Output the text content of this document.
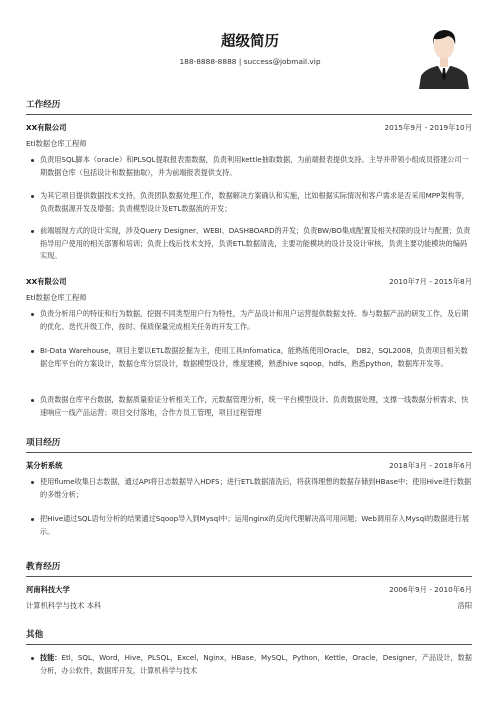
超级简历
188-8888-8888 | success@jobmail.vip
工作经历
XX有限公司	2015年9月 - 2019年10月
Etl数据仓库工程师
负责用SQL脚本（oracle）和PLSQL提取报表需数据，负责利用kettle抽取数据，为前端报表提供支持。主导并带领小组成员搭建公司一期数据仓库（包括设计和数据抽取），并为前端报表提供支持。
为其它项目提供数据技术支持，负责团队数据处理工作，数据解决方案确认和实施，比如根据实际情况和客户需求是否采用MPP架构等，负责数据源开发及增强；负责模型设计及ETL数据流的开发；
前端展现方式的设计实现，涉及Query Designer、WEBI、DASHBOARD的开发；负责BW/BO集成配置及相关权限的设计与配置；负责指导用户使用的相关部署和培训；负责上线后技术支持，负责ETL数据清洗，主要功能模块的设计及设计审核，负责主要功能模块的编码实现。
XX有限公司	2010年7月 - 2015年8月
Etl数据仓库工程师
负责分析用户的特征和行为数据，挖掘不同类型用户行为特性，为产品设计和用户运营提供数据支持。参与数据产品的研发工作，及后期的优化、迭代升级工作，按时、保质保量完成相关任务的开发工作。
BI-Data Warehouse，项目主要以ETL数据挖掘为主，使用工具Infomatica，能熟练使用Oracle， DB2，SQL2008，负责项目相关数据仓库平台的方案设计，数据仓库分层设计，数据模型设计，维度建模，熟悉hive sqoop，hdfs，熟悉python，数据库开发等。
负责数据仓库平台数据，数据质量验证分析相关工作，元数据管理分析，统一平台模型设计。负责数据处理，支撑一线数据分析需求，快速响应一线产品运营；项目交付落地，合作方员工管理，项目过程管理
项目经历
某分析系统	2018年3月 - 2018年6月
使用flume收集日志数据，通过API将日志数据导入HDFS；进行ETL数据清洗后，将获得理想的数据存储到HBase中；使用Hive进行数据的多维分析；
把Hive通过SQL语句分析的结果通过Sqoop导入到Mysql中；运用nginx的反向代理解决高可用问题；Web调用存入Mysql的数据进行展示。
教育经历
河南科技大学	2006年9月 - 2010年6月
计算机科学与技术 本科	洛阳
其他
技能：Etl，SQL，Word，Hive，PLSQL，Excel，Nginx，HBase，MySQL，Python，Kettle，Oracle，Designer，产品设计，数据分析，办公软件，数据库开发，计算机科学与技术
